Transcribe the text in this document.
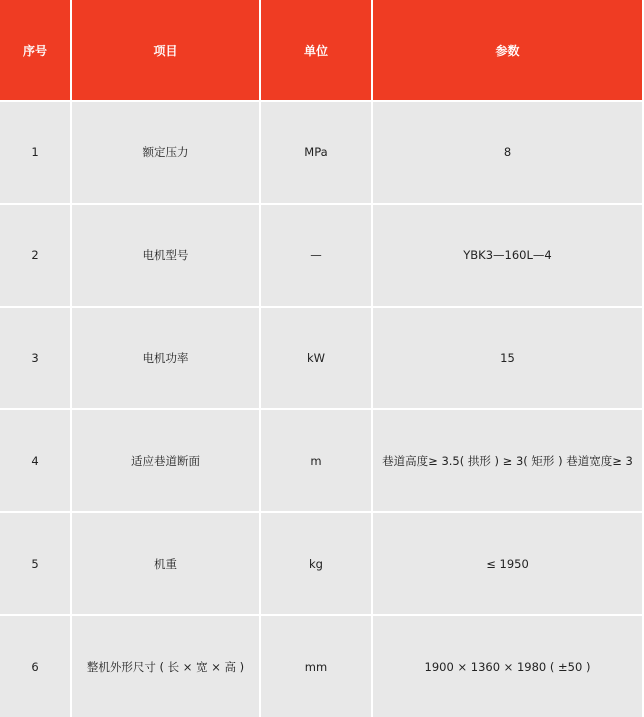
序号	项目	单位	参数
1	额定压力	MPa	8
2	电机型号	—	YBK3—160L—4
3	电机功率	kW	15
4	适应巷道断面	m	巷道高度≥ 3.5( 拱形 ) ≥ 3( 矩形 ) 巷道宽度≥ 3
5	机重	kg	≤ 1950
6	整机外形尺寸 ( 长 × 宽 × 高 )	mm	1900 × 1360 × 1980 ( ±50 )
